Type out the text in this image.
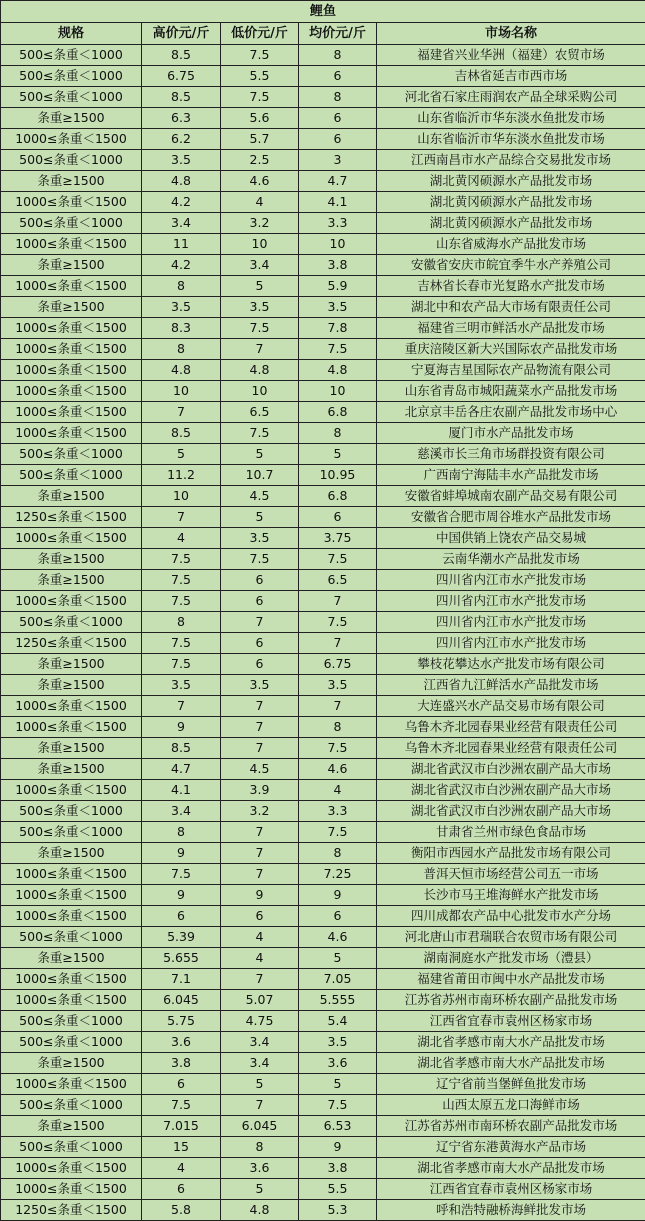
鲤鱼				
规格	高价元/斤	低价元/斤	均价元/斤	市场名称
500≤条重＜1000	8.5	7.5	8	福建省兴业华洲（福建）农贸市场
500≤条重＜1000	6.75	5.5	6	吉林省延吉市西市场
500≤条重＜1000	8.5	7.5	8	河北省石家庄雨润农产品全球采购公司
条重≥1500	6.3	5.6	6	山东省临沂市华东淡水鱼批发市场
1000≤条重＜1500	6.2	5.7	6	山东省临沂市华东淡水鱼批发市场
500≤条重＜1000	3.5	2.5	3	江西南昌市水产品综合交易批发市场
条重≥1500	4.8	4.6	4.7	湖北黄冈硕源水产品批发市场
1000≤条重＜1500	4.2	4	4.1	湖北黄冈硕源水产品批发市场
500≤条重＜1000	3.4	3.2	3.3	湖北黄冈硕源水产品批发市场
1000≤条重＜1500	11	10	10	山东省威海水产品批发市场
条重≥1500	4.2	3.4	3.8	安徽省安庆市皖宜季牛水产养殖公司
1000≤条重＜1500	8	5	5.9	吉林省长春市光复路水产批发市场
条重≥1500	3.5	3.5	3.5	湖北中和农产品大市场有限责任公司
1000≤条重＜1500	8.3	7.5	7.8	福建省三明市鲜活水产品批发市场
1000≤条重＜1500	8	7	7.5	重庆涪陵区新大兴国际农产品批发市场
1000≤条重＜1500	4.8	4.8	4.8	宁夏海吉星国际农产品物流有限公司
1000≤条重＜1500	10	10	10	山东省青岛市城阳蔬菜水产品批发市场
1000≤条重＜1500	7	6.5	6.8	北京京丰岳各庄农副产品批发市场中心
1000≤条重＜1500	8.5	7.5	8	厦门市水产品批发市场
500≤条重＜1000	5	5	5	慈溪市长三角市场群投资有限公司
500≤条重＜1000	11.2	10.7	10.95	广西南宁海陆丰水产品批发市场
条重≥1500	10	4.5	6.8	安徽省蚌埠城南农副产品交易有限公司
1250≤条重＜1500	7	5	6	安徽省合肥市周谷堆水产品批发市场
1000≤条重＜1500	4	3.5	3.75	中国供销上饶农产品交易城
条重≥1500	7.5	7.5	7.5	云南华潮水产品批发市场
条重≥1500	7.5	6	6.5	四川省内江市水产批发市场
1000≤条重＜1500	7.5	6	7	四川省内江市水产批发市场
500≤条重＜1000	8	7	7.5	四川省内江市水产批发市场
1250≤条重＜1500	7.5	6	7	四川省内江市水产批发市场
条重≥1500	7.5	6	6.75	攀枝花攀达水产批发市场有限公司
条重≥1500	3.5	3.5	3.5	江西省九江鲜活水产品批发市场
1000≤条重＜1500	7	7	7	大连盛兴水产品交易市场有限公司
1000≤条重＜1500	9	7	8	乌鲁木齐北园春果业经营有限责任公司
条重≥1500	8.5	7	7.5	乌鲁木齐北园春果业经营有限责任公司
条重≥1500	4.7	4.5	4.6	湖北省武汉市白沙洲农副产品大市场
1000≤条重＜1500	4.1	3.9	4	湖北省武汉市白沙洲农副产品大市场
500≤条重＜1000	3.4	3.2	3.3	湖北省武汉市白沙洲农副产品大市场
500≤条重＜1000	8	7	7.5	甘肃省兰州市绿色食品市场
条重≥1500	9	7	8	衡阳市西园水产品批发市场有限公司
1000≤条重＜1500	7.5	7	7.25	普洱天恒市场经营公司五一市场
1000≤条重＜1500	9	9	9	长沙市马王堆海鲜水产批发市场
1000≤条重＜1500	6	6	6	四川成都农产品中心批发市水产分场
500≤条重＜1000	5.39	4	4.6	河北唐山市君瑞联合农贸市场有限公司
条重≥1500	5.655	4	5	湖南洞庭水产批发市场（澧县）
1000≤条重＜1500	7.1	7	7.05	福建省莆田市闽中水产品批发市场
1000≤条重＜1500	6.045	5.07	5.555	江苏省苏州市南环桥农副产品批发市场
500≤条重＜1000	5.75	4.75	5.4	江西省宜春市袁州区杨家市场
500≤条重＜1000	3.6	3.4	3.5	湖北省孝感市南大水产品批发市场
条重≥1500	3.8	3.4	3.6	湖北省孝感市南大水产品批发市场
1000≤条重＜1500	6	5	5	辽宁省前当堡鲜鱼批发市场
500≤条重＜1000	7.5	7	7.5	山西太原五龙口海鲜市场
条重≥1500	7.015	6.045	6.53	江苏省苏州市南环桥农副产品批发市场
500≤条重＜1000	15	8	9	辽宁省东港黄海水产品市场
1000≤条重＜1500	4	3.6	3.8	湖北省孝感市南大水产品批发市场
1000≤条重＜1500	6	5	5.5	江西省宜春市袁州区杨家市场
1250≤条重＜1500	5.8	4.8	5.3	呼和浩特融桥海鲜批发市场
